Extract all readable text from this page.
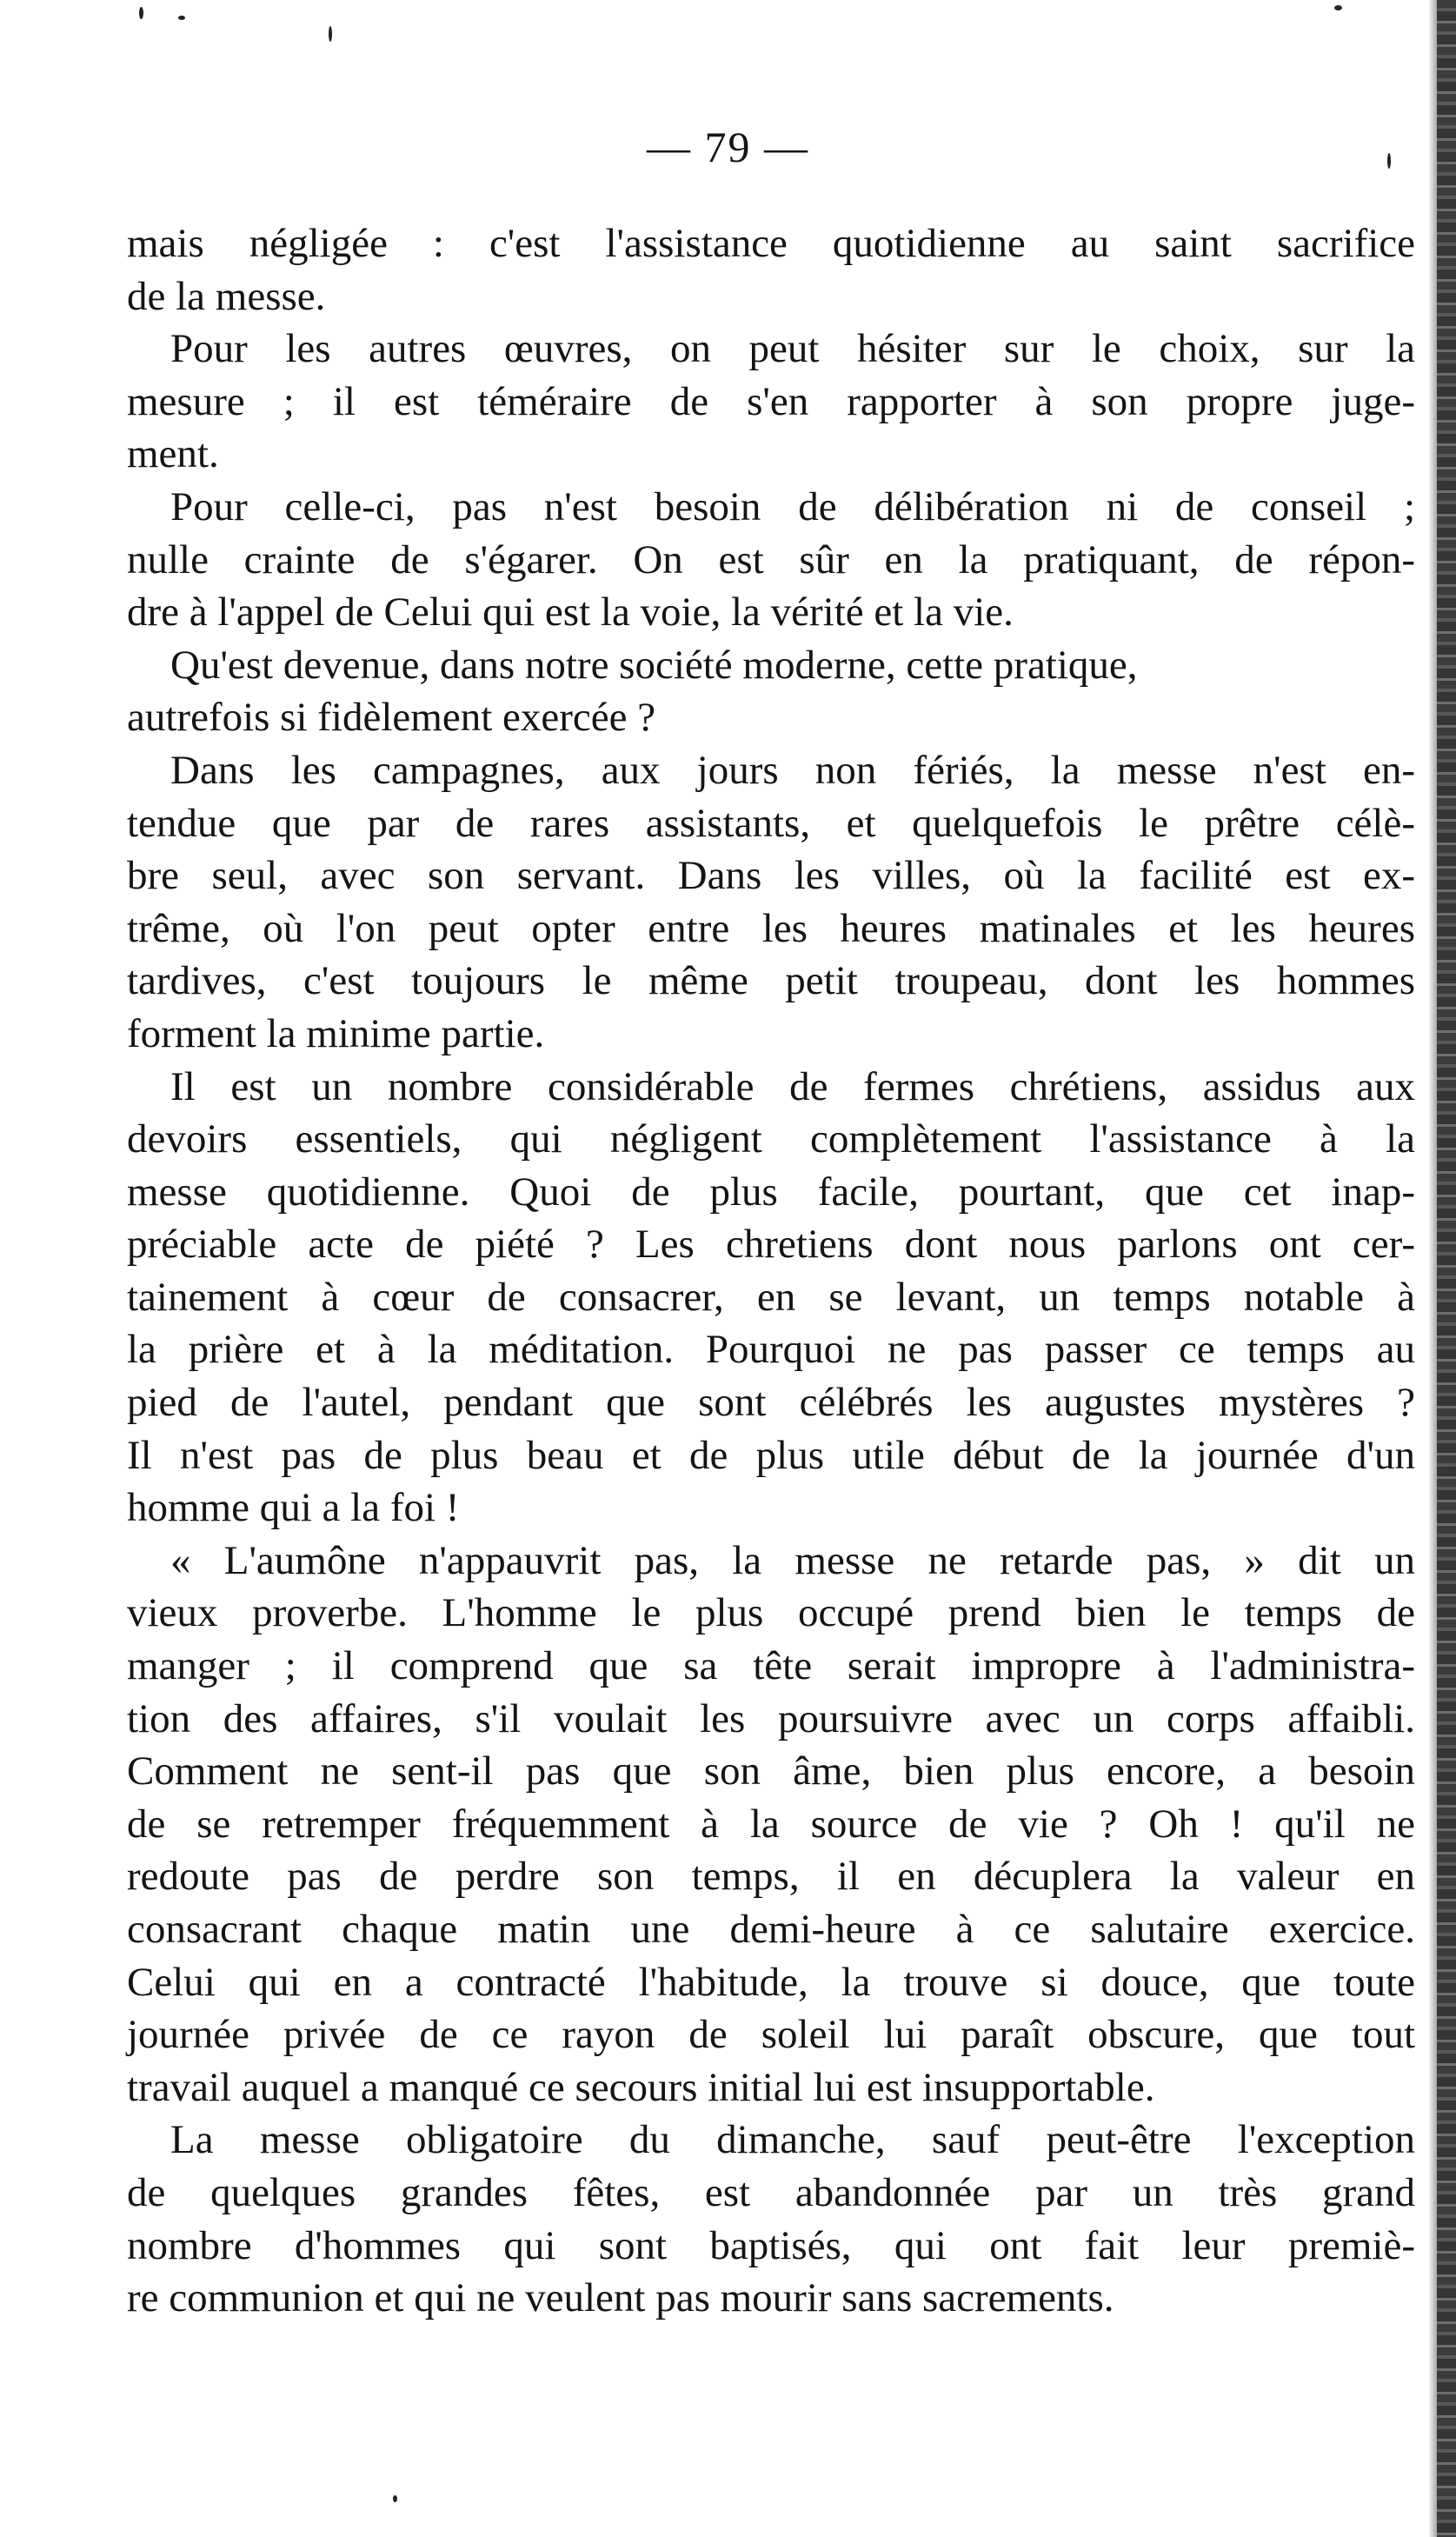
— 79 —
mais négligée : c'est l'assistance quotidienne au saint sacrifice
de la messe.
Pour les autres œuvres, on peut hésiter sur le choix, sur la
mesure ; il est téméraire de s'en rapporter à son propre juge-
ment.
Pour celle-ci, pas n'est besoin de délibération ni de conseil ;
nulle crainte de s'égarer. On est sûr en la pratiquant, de répon-
dre à l'appel de Celui qui est la voie, la vérité et la vie.
Qu'est devenue, dans notre société moderne, cette pratique,
autrefois si fidèlement exercée ?
Dans les campagnes, aux jours non fériés, la messe n'est en-
tendue que par de rares assistants, et quelquefois le prêtre célè-
bre seul, avec son servant. Dans les villes, où la facilité est ex-
trême, où l'on peut opter entre les heures matinales et les heures
tardives, c'est toujours le même petit troupeau, dont les hommes
forment la minime partie.
Il est un nombre considérable de fermes chrétiens, assidus aux
devoirs essentiels, qui négligent complètement l'assistance à la
messe quotidienne. Quoi de plus facile, pourtant, que cet inap-
préciable acte de piété ? Les chretiens dont nous parlons ont cer-
tainement à cœur de consacrer, en se levant, un temps notable à
la prière et à la méditation. Pourquoi ne pas passer ce temps au
pied de l'autel, pendant que sont célébrés les augustes mystères ?
Il n'est pas de plus beau et de plus utile début de la journée d'un
homme qui a la foi !
« L'aumône n'appauvrit pas, la messe ne retarde pas, » dit un
vieux proverbe. L'homme le plus occupé prend bien le temps de
manger ; il comprend que sa tête serait impropre à l'administra-
tion des affaires, s'il voulait les poursuivre avec un corps affaibli.
Comment ne sent-il pas que son âme, bien plus encore, a besoin
de se retremper fréquemment à la source de vie ? Oh ! qu'il ne
redoute pas de perdre son temps, il en décuplera la valeur en
consacrant chaque matin une demi-heure à ce salutaire exercice.
Celui qui en a contracté l'habitude, la trouve si douce, que toute
journée privée de ce rayon de soleil lui paraît obscure, que tout
travail auquel a manqué ce secours initial lui est insupportable.
La messe obligatoire du dimanche, sauf peut-être l'exception
de quelques grandes fêtes, est abandonnée par un très grand
nombre d'hommes qui sont baptisés, qui ont fait leur premiè-
re communion et qui ne veulent pas mourir sans sacrements.
